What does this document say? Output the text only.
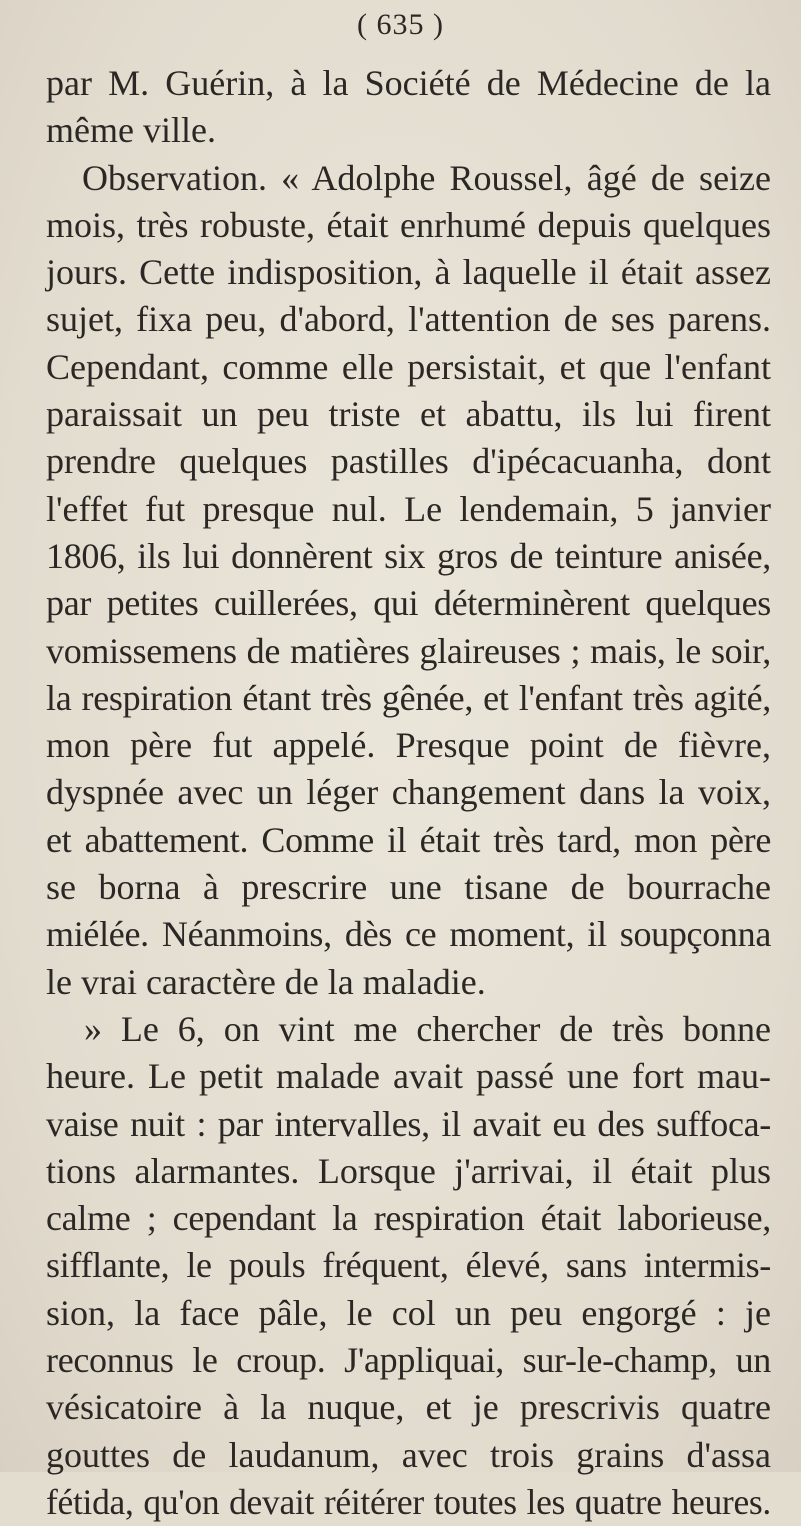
( 635 )
par M. Guérin, à la Société de Médecine de la
même ville.
Observation. « Adolphe Roussel, âgé de seize
mois, très robuste, était enrhumé depuis quelques
jours. Cette indisposition, à laquelle il était assez
sujet, fixa peu, d'abord, l'attention de ses parens.
Cependant, comme elle persistait, et que l'enfant
paraissait un peu triste et abattu, ils lui firent
prendre quelques pastilles d'ipécacuanha, dont
l'effet fut presque nul. Le lendemain, 5 janvier
1806, ils lui donnèrent six gros de teinture anisée,
par petites cuillerées, qui déterminèrent quelques
vomissemens de matières glaireuses ; mais, le soir,
la respiration étant très gênée, et l'enfant très agité,
mon père fut appelé. Presque point de fièvre,
dyspnée avec un léger changement dans la voix,
et abattement. Comme il était très tard, mon père
se borna à prescrire une tisane de bourrache
miélée. Néanmoins, dès ce moment, il soupçonna
le vrai caractère de la maladie.
» Le 6, on vint me chercher de très bonne
heure. Le petit malade avait passé une fort mau-
vaise nuit : par intervalles, il avait eu des suffoca-
tions alarmantes. Lorsque j'arrivai, il était plus
calme ; cependant la respiration était laborieuse,
sifflante, le pouls fréquent, élevé, sans intermis-
sion, la face pâle, le col un peu engorgé : je
reconnus le croup. J'appliquai, sur-le-champ, un
vésicatoire à la nuque, et je prescrivis quatre
gouttes de laudanum, avec trois grains d'assa
fétida, qu'on devait réitérer toutes les quatre heures.
